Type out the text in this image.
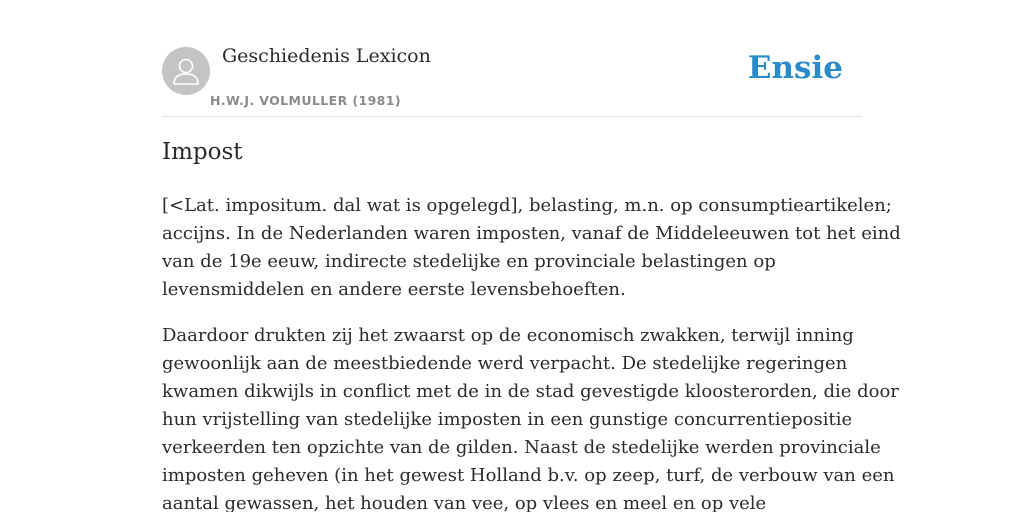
Geschiedenis Lexicon
H.W.J. VOLMULLER (1981)
Ensie
Impost

[<Lat. impositum. dal wat is opgelegd], belasting, m.n. op consumptieartikelen;
accijns. In de Nederlanden waren imposten, vanaf de Middeleeuwen tot het eind
van de 19e eeuw, indirecte stedelijke en provinciale belastingen op
levensmiddelen en andere eerste levensbehoeften.

Daardoor drukten zij het zwaarst op de economisch zwakken, terwijl inning
gewoonlijk aan de meestbiedende werd verpacht. De stedelijke regeringen
kwamen dikwijls in conflict met de in de stad gevestigde kloosterorden, die door
hun vrijstelling van stedelijke imposten in een gunstige concurrentiepositie
verkeerden ten opzichte van de gilden. Naast de stedelijke werden provinciale
imposten geheven (in het gewest Holland b.v. op zeep, turf, de verbouw van een
aantal gewassen, het houden van vee, op vlees en meel en op vele
